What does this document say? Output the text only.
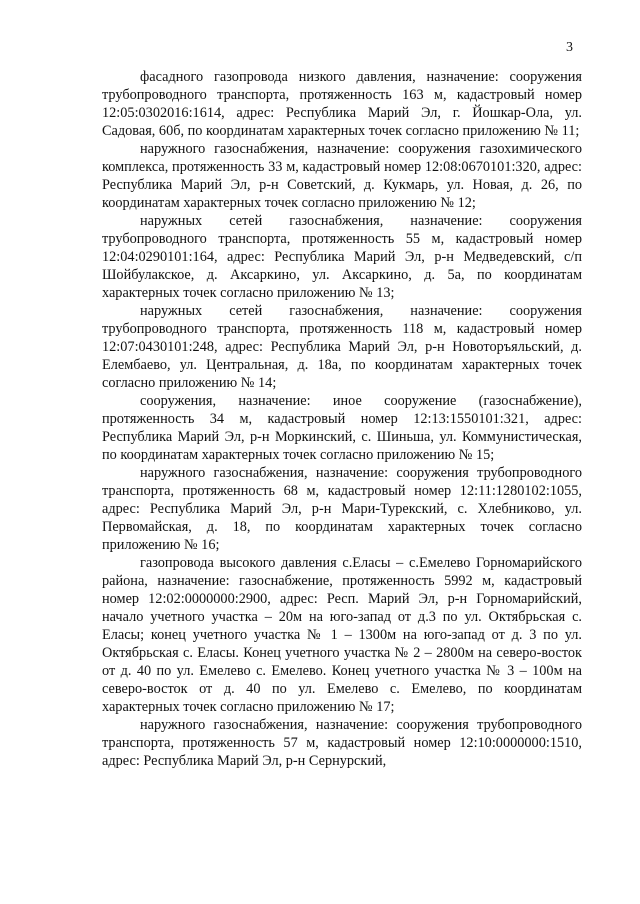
3

фасадного газопровода низкого давления, назначение: сооружения трубопроводного транспорта, протяженность 163 м, кадастровый номер 12:05:0302016:1614, адрес: Республика Марий Эл, г. Йошкар-Ола, ул. Садовая, 60б, по координатам характерных точек согласно приложению № 11;

наружного газоснабжения, назначение: сооружения газохимического комплекса, протяженность 33 м, кадастровый номер 12:08:0670101:320, адрес: Республика Марий Эл, р-н Советский, д. Кукмарь, ул. Новая, д. 26, по координатам характерных точек согласно приложению № 12;

наружных сетей газоснабжения, назначение: сооружения трубопроводного транспорта, протяженность 55 м, кадастровый номер 12:04:0290101:164, адрес: Республика Марий Эл, р-н Медведевский, с/п Шойбулакское, д. Аксаркино, ул. Аксаркино, д. 5а, по координатам характерных точек согласно приложению № 13;

наружных сетей газоснабжения, назначение: сооружения трубопроводного транспорта, протяженность 118 м, кадастровый номер 12:07:0430101:248, адрес: Республика Марий Эл, р-н Новоторъяльский, д. Елембаево, ул. Центральная, д. 18а, по координатам характерных точек согласно приложению № 14;

сооружения, назначение: иное сооружение (газоснабжение), протяженность 34 м, кадастровый номер 12:13:1550101:321, адрес: Республика Марий Эл, р-н Моркинский, с. Шиньша, ул. Коммунистическая, по координатам характерных точек согласно приложению № 15;

наружного газоснабжения, назначение: сооружения трубопроводного транспорта, протяженность 68 м, кадастровый номер 12:11:1280102:1055, адрес: Республика Марий Эл, р-н Мари-Турекский, с. Хлебниково, ул. Первомайская, д. 18, по координатам характерных точек согласно приложению № 16;

газопровода высокого давления с.Еласы – с.Емелево Горномарийского района, назначение: газоснабжение, протяженность 5992 м, кадастровый номер 12:02:0000000:2900, адрес: Респ. Марий Эл, р-н Горномарийский, начало учетного участка – 20м на юго-запад от д.3 по ул. Октябрьская с. Еласы; конец учетного участка № 1 – 1300м на юго-запад от д. 3 по ул. Октябрьская с. Еласы. Конец учетного участка № 2 – 2800м на северо-восток от д. 40 по ул. Емелево с. Емелево. Конец учетного участка № 3 – 100м на северо-восток от д. 40 по ул. Емелево с. Емелево, по координатам характерных точек согласно приложению № 17;

наружного газоснабжения, назначение: сооружения трубопроводного транспорта, протяженность 57 м, кадастровый номер 12:10:0000000:1510, адрес: Республика Марий Эл, р-н Сернурский,
